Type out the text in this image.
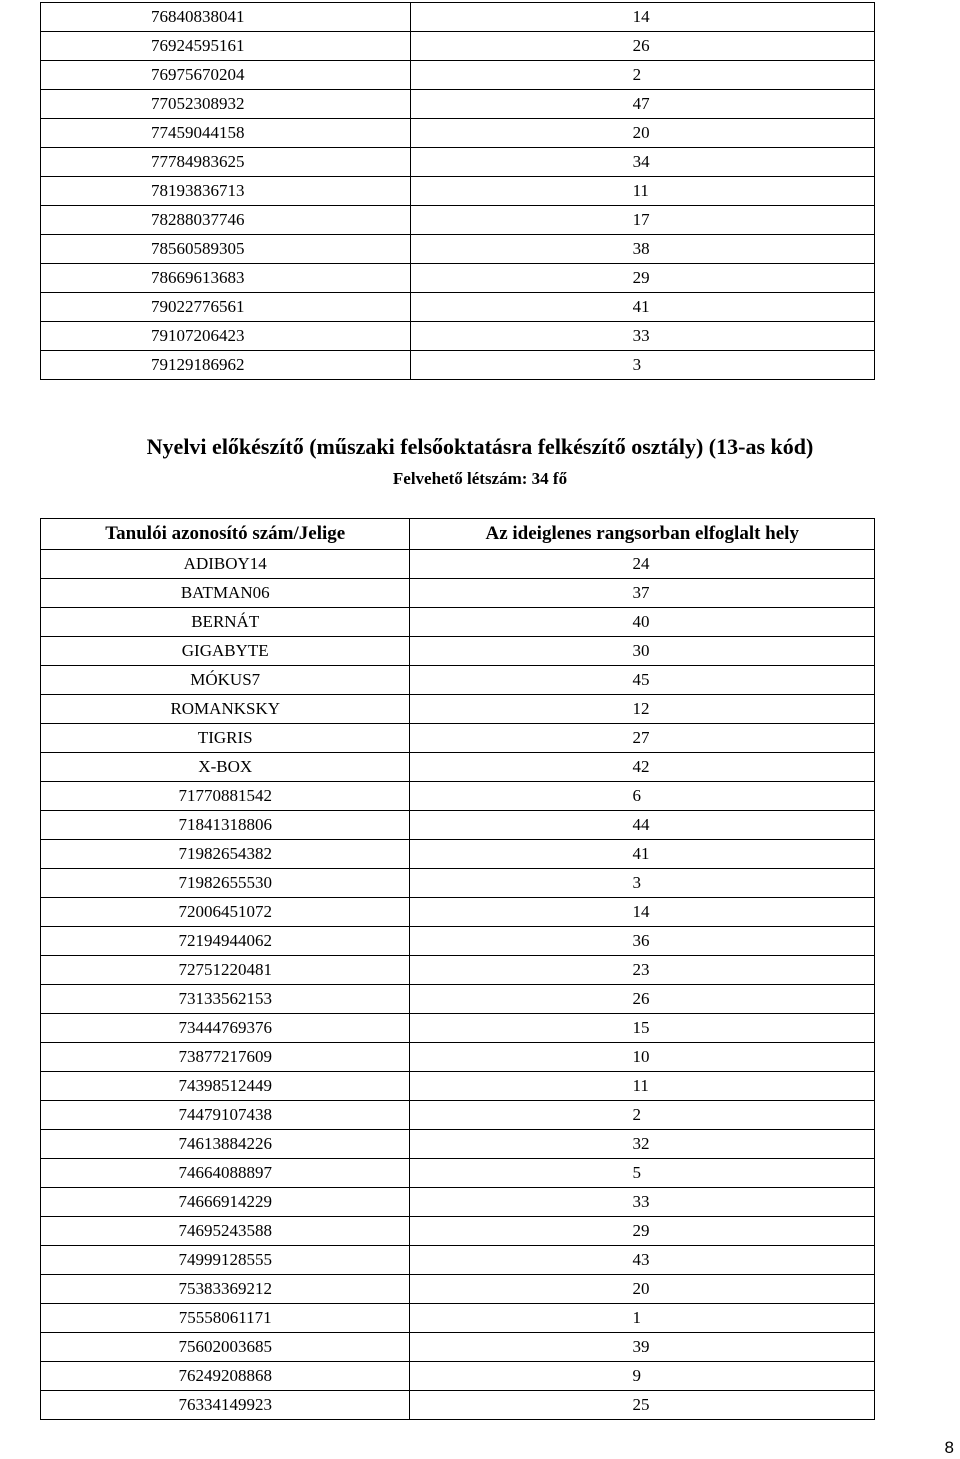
76840838041	14
76924595161	26
76975670204	2
77052308932	47
77459044158	20
77784983625	34
78193836713	11
78288037746	17
78560589305	38
78669613683	29
79022776561	41
79107206423	33
79129186962	3
Nyelvi előkészítő (műszaki felsőoktatásra felkészítő osztály) (13-as kód)
Felvehető létszám: 34 fő
Tanulói azonosító szám/Jelige	Az ideiglenes rangsorban elfoglalt hely
ADIBOY14	24
BATMAN06	37
BERNÁT	40
GIGABYTE	30
MÓKUS7	45
ROMANKSKY	12
TIGRIS	27
X-BOX	42
71770881542	6
71841318806	44
71982654382	41
71982655530	3
72006451072	14
72194944062	36
72751220481	23
73133562153	26
73444769376	15
73877217609	10
74398512449	11
74479107438	2
74613884226	32
74664088897	5
74666914229	33
74695243588	29
74999128555	43
75383369212	20
75558061171	1
75602003685	39
76249208868	9
76334149923	25
8
